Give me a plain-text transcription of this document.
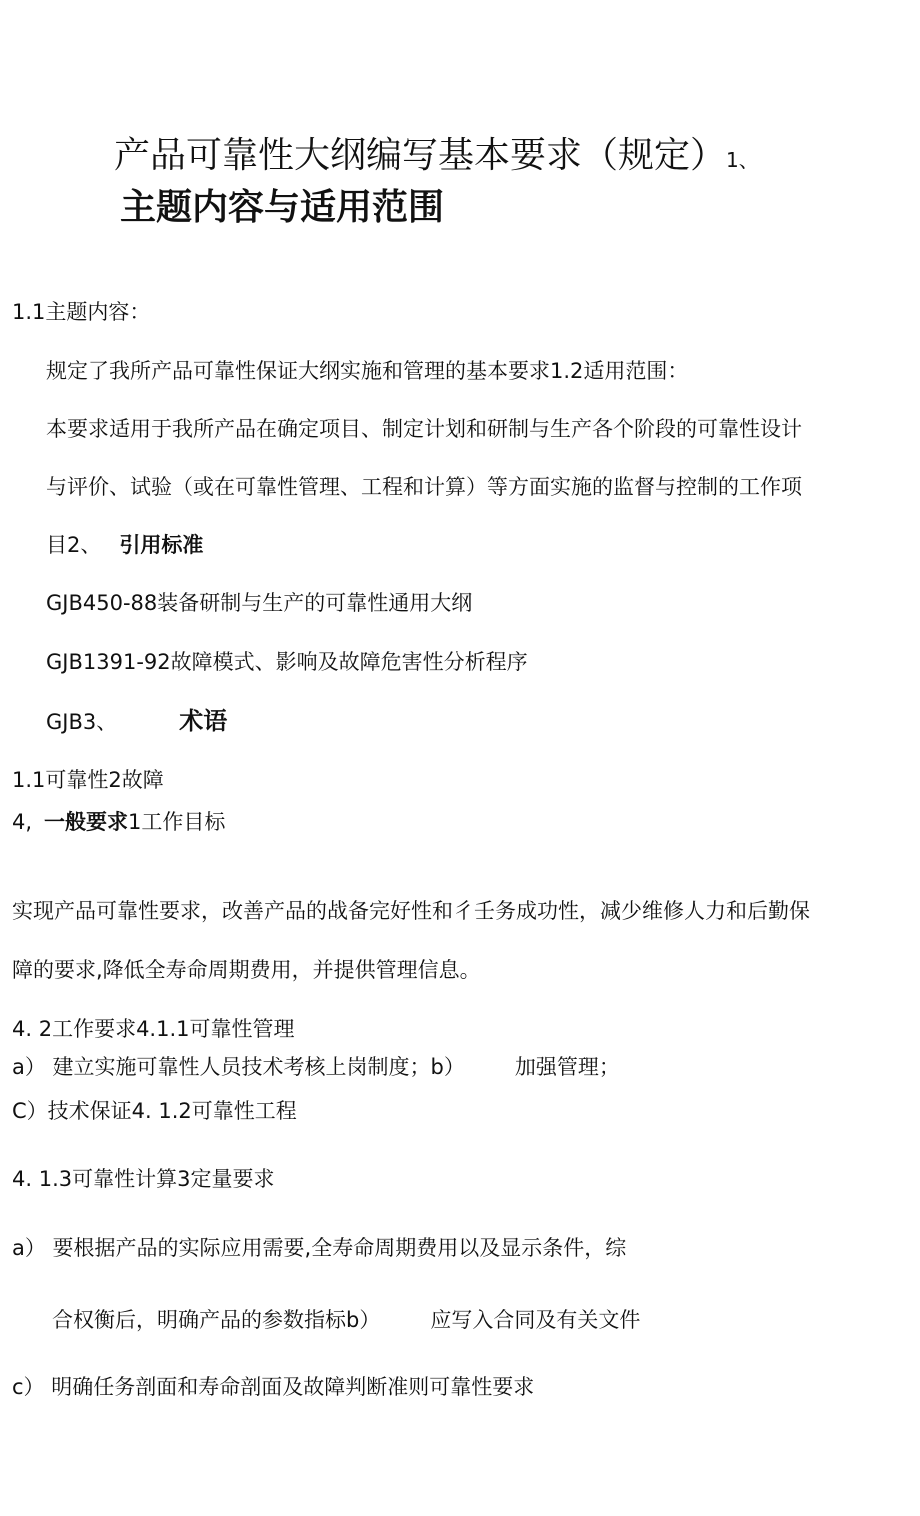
产品可靠性大纲编写基本要求（规定）1、
主题内容与适用范围
1.1主题内容：
规定了我所产品可靠性保证大纲实施和管理的基本要求1.2适用范围：
本要求适用于我所产品在确定项目、制定计划和研制与生产各个阶段的可靠性设计
与评价、试验（或在可靠性管理、工程和计算）等方面实施的监督与控制的工作项
目2、 引用标准
GJB450-88装备研制与生产的可靠性通用大纲
GJB1391-92故障模式、影响及故障危害性分析程序
GJB3、	术语
1.1可靠性2故障
4, 一般要求1工作目标
实现产品可靠性要求，改善产品的战备完好性和彳壬务成功性，减少维修人力和后勤保
障的要求,降低全寿命周期费用，并提供管理信息。
4. 2工作要求4.1.1可靠性管理
a） 建立实施可靠性人员技术考核上岗制度；b） 加强管理；
C）技术保证4. 1.2可靠性工程
4. 1.3可靠性计算3定量要求
a） 要根据产品的实际应用需要,全寿命周期费用以及显示条件，综
合权衡后，明确产品的参数指标b） 应写入合同及有关文件
c） 明确任务剖面和寿命剖面及故障判断准则可靠性要求
